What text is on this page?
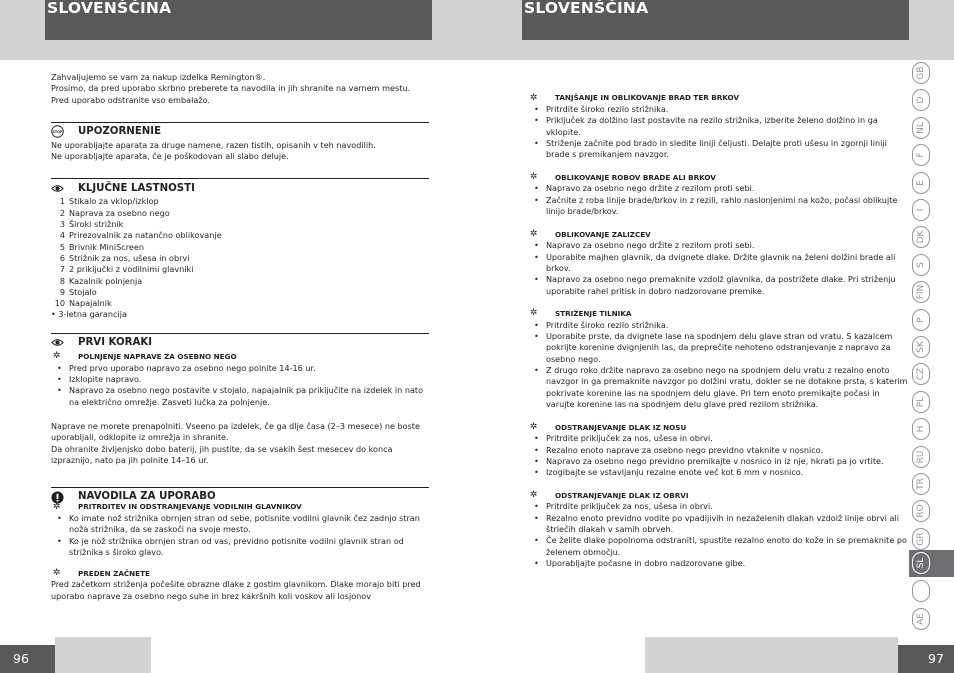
SLOVENŠČINA	SLOVENŠČINA
Zahvaljujemo se vam za nakup izdelka Remington®.
Prosimo, da pred uporabo skrbno preberete ta navodila in jih shranite na varnem mestu.
Pred uporabo odstranite vso embalažo.
STOP UPOZORNENIE
Ne uporabljajte aparata za druge namene, razen tistih, opisanih v teh navodilih.
Ne uporabljajte aparata, če je poškodovan ali slabo deluje.
KLJUČNE LASTNOSTI
1 Stikalo za vklop/izklop
2 Naprava za osebno nego
3 Široki strižnik
4 Prirezovalnik za natančno oblikovanje
5 Brivnik MiniScreen
6 Strižnik za nos, ušesa in obrvi
7 2 priključki z vodilnimi glavniki
8 Kazalnik polnjenja
9 Stojalo
10 Napajalnik
• 3-letna garancija
PRVI KORAKI
✲ POLNJENJE NAPRAVE ZA OSEBNO NEGO
• Pred prvo uporabo napravo za osebno nego polnite 14-16 ur.
• Izklopite napravo.
• Napravo za osebno nego postavite v stojalo, napajalnik pa priključite na izdelek in nato na električno omrežje. Zasveti lučka za polnjenje.
Naprave ne morete prenapolniti. Vseeno pa izdelek, če ga dlje časa (2–3 mesece) ne boste uporabljali, odklopite iz omrežja in shranite.
Da ohranite življenjsko dobo baterij, jih pustite, da se vsakih šest mesecev do konca izpraznijo, nato pa jih polnite 14–16 ur.
NAVODILA ZA UPORABO
✲ PRITRDITEV IN ODSTRANJEVANJE VODILNIH GLAVNIKOV
• Ko imate nož strižnika obrnjen stran od sebe, potisnite vodilni glavnik čez zadnjo stran noža strižnika, da se zaskoči na svoje mesto.
• Ko je nož strižnika obrnjen stran od vas, previdno potisnite vodilni glavnik stran od strižnika s široko glavo.
✲ PREDEN ZAČNETE
Pred začetkom striženja počešite obrazne dlake z gostim glavnikom. Dlake morajo biti pred uporabo naprave za osebno nego suhe in brez kakršnih koli voskov ali losjonov
✲ TANJŠANJE IN OBLIKOVANJE BRAD TER BRKOV
• Pritrdite široko rezilo strižnika.
• Priključek za dolžino last postavite na rezilo strižnika, izberite želeno dolžino in ga vklopite.
• Striženje začnite pod brado in sledite liniji čeljusti. Delajte proti ušesu in zgornji liniji brade s premikanjem navzgor.
✲ OBLIKOVANJE ROBOV BRADE ALI BRKOV
• Napravo za osebno nego držite z rezilom proti sebi.
• Začnite z roba linije brade/brkov in z rezili, rahlo naslonjenimi na kožo, počasi oblikujte linijo brade/brkov.
✲ OBLIKOVANJE ZALIZCEV
• Napravo za osebno nego držite z rezilom proti sebi.
• Uporabite majhen glavnik, da dvignete dlake. Držite glavnik na želeni dolžini brade ali brkov.
• Napravo za osebno nego premaknite vzdolž glavnika, da postrižete dlake. Pri striženju uporabite rahel pritisk in dobro nadzorovane premike.
✲ STRIŽENJE TILNIKA
• Pritrdite široko rezilo strižnika.
• Uporabite prste, da dvignete lase na spodnjem delu glave stran od vratu. S kazalcem pokrijte korenine dvignjenih las, da preprečite nehoteno odstranjevanje z napravo za osebno nego.
• Z drugo roko držite napravo za osebno nego na spodnjem delu vratu z rezalno enoto navzgor in ga premaknite navzgor po dolžini vratu, dokler se ne dotakne prsta, s katerim pokrivate korenine las na spodnjem delu glave. Pri tem enoto premikajte počasi in varujte korenine las na spodnjem delu glave pred rezilom strižnika.
✲ ODSTRANJEVANJE DLAK IZ NOSU
• Pritrdite priključek za nos, ušesa in obrvi.
• Rezalno enoto naprave za osebno nego previdno vtaknite v nosnico.
• Napravo za osebno nego previdno premikajte v nosnico in iz nje, hkrati pa jo vrtite.
• Izogibajte se vstavljanju rezalne enote več kot 6 mm v nosnico.
✲ ODSTRANJEVANJE DLAK IZ OBRVI
• Pritrdite priključek za nos, ušesa in obrvi.
• Rezalno enoto previdno vodite po vpadljivih in nezaželenih dlakah vzdolž linije obrvi ali štrlečih dlakah v samih obrveh.
• Če želite dlake popolnoma odstraniti, spustite rezalno enoto do kože in se premaknite po želenem območju.
• Uporabljajte počasne in dobro nadzorovane gibe.
GB
D
NL
F
E
I
DK
S
FIN
P
SK
CZ
PL
H
RU
TR
RO
GR
SL
AE
96	97
